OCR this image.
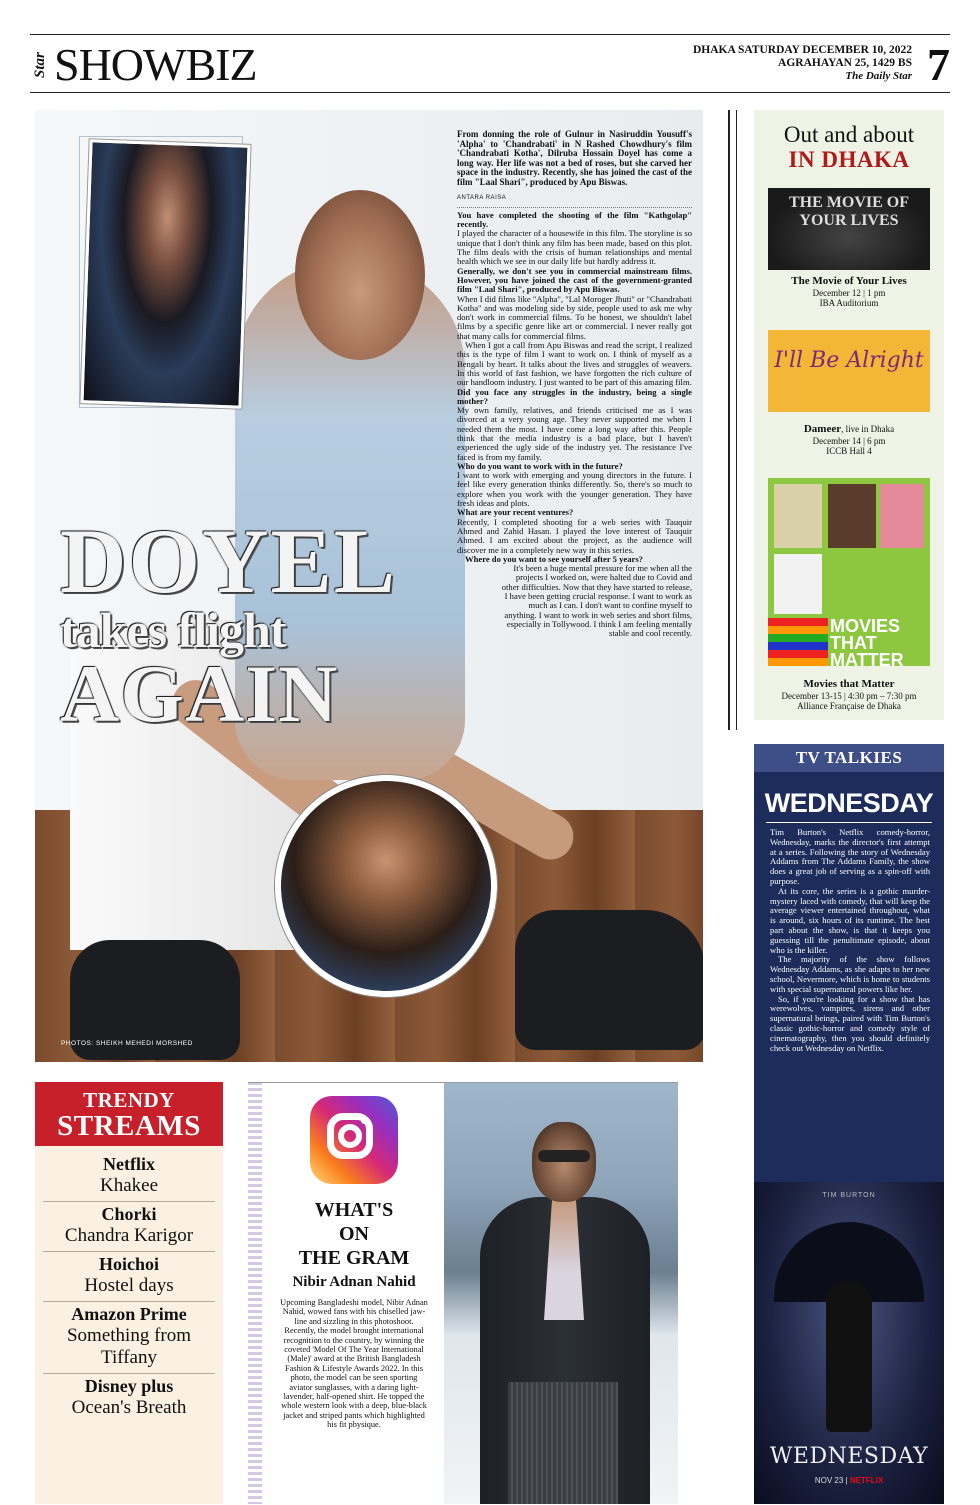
Star SHOWBIZ	DHAKA SATURDAY DECEMBER 10, 2022
AGRAHAYAN 25, 1429 BS
The Daily Star 7
DOYEL
takes flight
AGAIN
PHOTOS: SHEIKH MEHEDI MORSHED

From donning the role of Gulnur in Nasiruddin Yousuff's 'Alpha' to 'Chandrabati' in N Rashed Chowdhury's film 'Chandrabati Kotha', Dilruba Hossain Doyel has come a long way. Her life was not a bed of roses, but she carved her space in the industry. Recently, she has joined the cast of the film "Laal Shari", produced by Apu Biswas.

ANTARA RAISA

You have completed the shooting of the film "Kathgolap" recently.

I played the character of a housewife in this film. The storyline is so unique that I don't think any film has been made, based on this plot. The film deals with the crisis of human relationships and mental health which we see in our daily life but hardly address it.

Generally, we don't see you in commercial mainstream films. However, you have joined the cast of the government-granted film "Laal Shari", produced by Apu Biswas.

When I did films like "Alpha", "Lal Moroger Jhuti" or "Chandrabati Kotha" and was modeling side by side, people used to ask me why don't work in commercial films. To be honest, we shouldn't label films by a specific genre like art or commercial. I never really got that many calls for commercial films.

When I got a call from Apu Biswas and read the script, I realized this is the type of film I want to work on. I think of myself as a Bengali by heart. It talks about the lives and struggles of weavers. In this world of fast fashion, we have forgotten the rich culture of our handloom industry. I just wanted to be part of this amazing film.

Did you face any struggles in the industry, being a single mother?

My own family, relatives, and friends criticised me as I was divorced at a very young age. They never supported me when I needed them the most. I have come a long way after this. People think that the media industry is a bad place, but I haven't experienced the ugly side of the industry yet. The resistance I've faced is from my family.

Who do you want to work with in the future?

I want to work with emerging and young directors in the future. I feel like every generation thinks differently. So, there's so much to explore when you work with the younger generation. They have fresh ideas and plots.

What are your recent ventures?

Recently, I completed shooting for a web series with Tauquir Ahmed and Zahid Hasan. I played the love interest of Tauquir Ahmed. I am excited about the project, as the audience will discover me in a completely new way in this series.

Where do you want to see yourself after 5 years?

It's been a huge mental pressure for me when all the projects I worked on, were halted due to Covid and other difficulties. Now that they have started to release, I have been getting crucial response. I want to work as much as I can. I don't want to confine myself to anything. I want to work in web series and short films, especially in Tollywood. I think I am feeling mentally stable and cool recently.

Out and about
IN DHAKA
THE MOVIE OF YOUR LIVES
The Movie of Your Lives
December 12 | 1 pm
IBA Auditorium
I'll Be Alright
Dameer, live in Dhaka
December 14 | 6 pm
ICCB Hall 4
MOVIES THAT MATTER
Movies that Matter
December 13-15 | 4:30 pm – 7:30 pm
Alliance Française de Dhaka
TV TALKIES
WEDNESDAY

Tim Burton's Netflix comedy-horror, Wednesday, marks the director's first attempt at a series. Following the story of Wednesday Addams from The Addams Family, the show does a great job of serving as a spin-off with purpose.

At its core, the series is a gothic murder-mystery laced with comedy, that will keep the average viewer entertained throughout, what is around, six hours of its runtime. The best part about the show, is that it keeps you guessing till the penultimate episode, about who is the killer.

The majority of the show follows Wednesday Addams, as she adapts to her new school, Nevermore, which is home to students with special supernatural powers like her.

So, if you're looking for a show that has werewolves, vampires, sirens and other supernatural beings, paired with Tim Burton's classic gothic-horror and comedy style of cinematography, then you should definitely check out Wednesday on Netflix.

TIM BURTON
WEDNESDAY
NOV 23 | NETFLIX
TRENDY
STREAMS
Netflix
Khakee
Chorki
Chandra Karigor
Hoichoi
Hostel days
Amazon Prime
Something from Tiffany
Disney plus
Ocean's Breath
WHAT'S
ON
THE GRAM
Nibir Adnan Nahid
Upcoming Bangladeshi model, Nibir Adnan Nahid, wowed fans with his chiselled jaw-line and sizzling in this photoshoot. Recently, the model brought international recognition to the country, by winning the coveted 'Model Of The Year International (Male)' award at the British Bangladesh Fashion & Lifestyle Awards 2022. In this photo, the model can be seen sporting aviator sunglasses, with a daring light-lavender, half-opened shirt. He topped the whole western look with a deep, blue-black jacket and striped pants which highlighted his fit physique.
